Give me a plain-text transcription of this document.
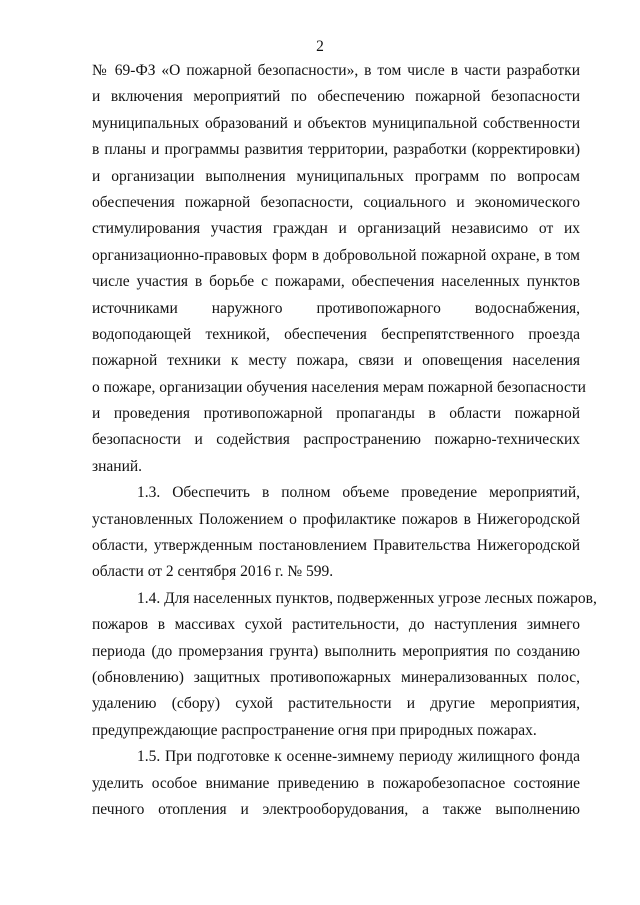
2
№ 69-ФЗ «О пожарной безопасности», в том числе в части разработки
и включения мероприятий по обеспечению пожарной безопасности
муниципальных образований и объектов муниципальной собственности
в планы и программы развития территории, разработки (корректировки)
и организации выполнения муниципальных программ по вопросам
обеспечения пожарной безопасности, социального и экономического
стимулирования участия граждан и организаций независимо от их
организационно-правовых форм в добровольной пожарной охране, в том
числе участия в борьбе с пожарами, обеспечения населенных пунктов
источниками наружного противопожарного водоснабжения,
водоподающей техникой, обеспечения беспрепятственного проезда
пожарной техники к месту пожара, связи и оповещения населения
о пожаре, организации обучения населения мерам пожарной безопасности
и проведения противопожарной пропаганды в области пожарной
безопасности и содействия распространению пожарно-технических
знаний.
1.3. Обеспечить в полном объеме проведение мероприятий,
установленных Положением о профилактике пожаров в Нижегородской
области, утвержденным постановлением Правительства Нижегородской
области от 2 сентября 2016 г. № 599.
1.4. Для населенных пунктов, подверженных угрозе лесных пожаров,
пожаров в массивах сухой растительности, до наступления зимнего
периода (до промерзания грунта) выполнить мероприятия по созданию
(обновлению) защитных противопожарных минерализованных полос,
удалению (сбору) сухой растительности и другие мероприятия,
предупреждающие распространение огня при природных пожарах.
1.5. При подготовке к осенне-зимнему периоду жилищного фонда
уделить особое внимание приведению в пожаробезопасное состояние
печного отопления и электрооборудования, а также выполнению
